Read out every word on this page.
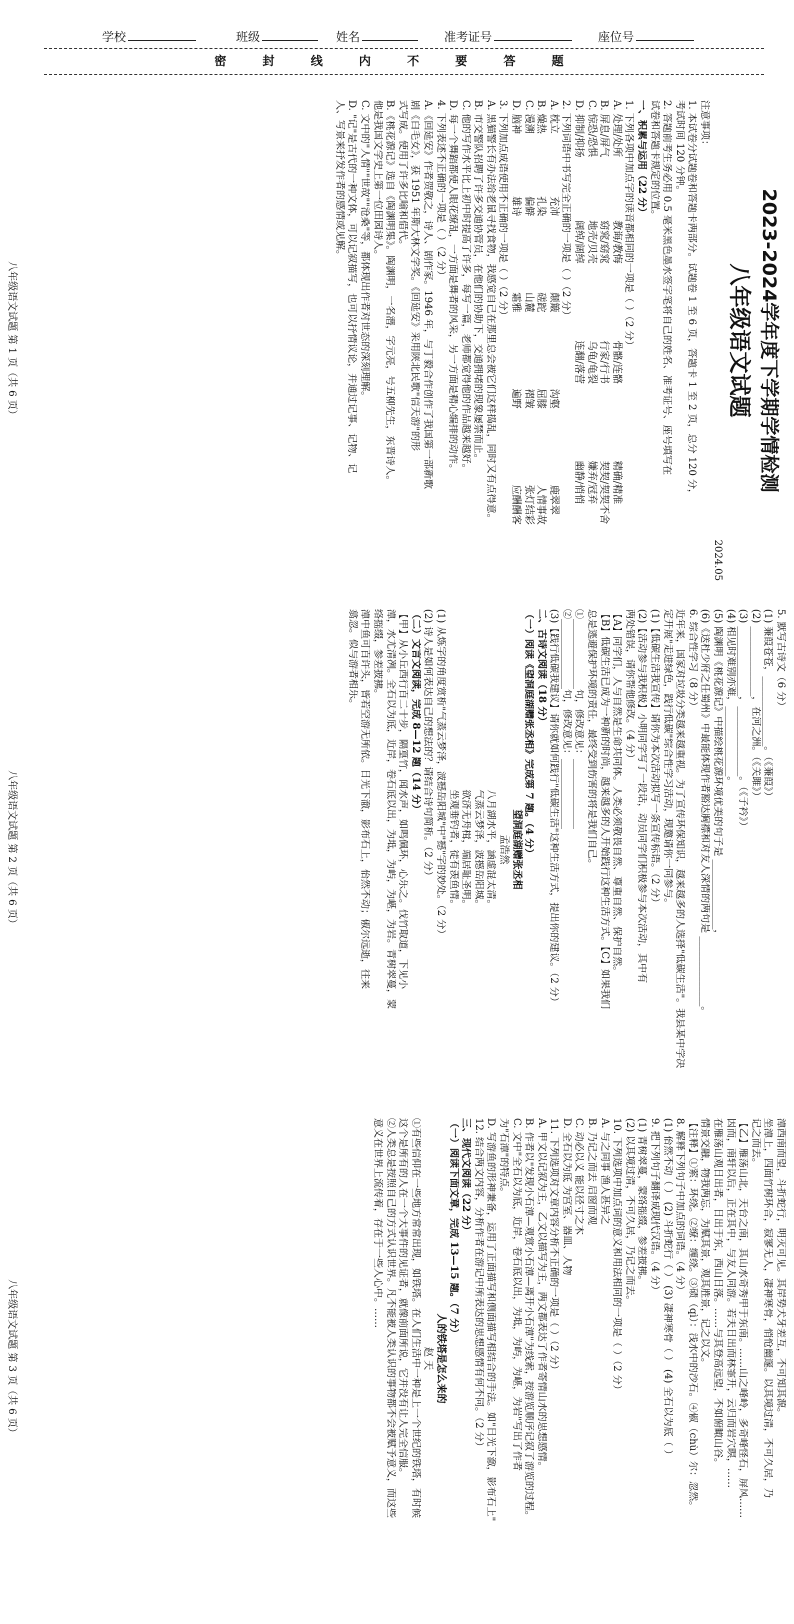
学校	班级	姓名	准考证号	座位号
密 封 线 内 不 要 答 题
2023-2024学年度下学期学情检测
八年级语文试题
2024.05
注意事项：
1. 本试卷分试题卷和答题卡两部分。试题卷 1 至 6 页，答题卡 1 至 2 页，总分 120 分，
考试时间 120 分钟。
2. 答题前考生务必用 0.5 毫米黑色墨水签字笔将自己的姓名、准考证号、座号填写在
试卷和答题卡规定的位置。
一、积累与运用（22 分）
1. 下列各项中加点字的读音都相同的一项是（ ）（2 分）
A. 处理/处所
教诲/教悔
骨骼/连骼
精确/精准
B. 屏息/屏气
窈窕/窈窕
行家/行书
契契/契契不舍
C. 惊恐/恐惧
地壳/贝壳
乌龟/龟裂
嫌弃/冠弃
D. 抑制/抑扬
阔绰/阔绰
连翻/落营
幽静/悄悄
2. 下列词语中书写完全正确的一项是（ ）（2 分）
A. 枕立
充沛
颠簸
沟壑
鹿翠翠
B. 燥热
孔染
磋跎
屈膝
人情事故
C. 漫溯
偏僻
山麓
褶皱
张灯结彩
D. 脑神
雄诗
霜雅
遍野
应酬酬客
3. 下列加点成语使用不正确的一项是（ ）（2 分）
A. 黑猫警长有办法给老鼠寻找食物，我感觉自己在那里总会被它们这样捣乱，同时又有点得意。
B. 市交警队招聘了许多交通协管员，在他们的协助下，交通拥堵的现象屡禁而止。
C. 他的写作水平比上初中时提高了许多，每写一篇，老师都觉得他的作品越来越好。
D. 每一个舞蹈都使人眼花缭乱，一方面是舞者的风采，另一方面是精心编排的动作。
4. 下列表述不正确的一项是（ ）（2 分）
A.《回延安》作者贺敬之，诗人、剧作家。1946 年，与丁毅合作创作了我国第一部新歌
剧《白毛女》，获 1951 年斯大林文学奖。《回延安》采用陕北民歌"信天游"的形
式写成。使用了许多比喻和借代。
B.《桃花源记》选自《陶渊明集》。陶渊明，一名潜，字元亮，号五柳先生，东晋诗人。
他是我国文学史上第一位田园诗人。
C. 文中的"人情""世故""沧桑"等，都体现出作者对世态的深刻理解。
D. "记"是古代的一种文体，可以记叙描写，也可以抒情议论，并通过记事、记物、记
人、写景来抒发作者的感情或见解。
八年级语文试题 第 1 页（共 6 页）
5. 默写古诗文（6 分）
(1) 蒹葭苍苍，______________。（《蒹葭》）
(2) ______________，在河之洲。（《关雎》）
(3) ______________，______________。（《子衿》）
(4) 相见时难别亦难，______________。
(5) 陶渊明《桃花源记》中描绘桃花源环境优美的句子是 ______________，
(6)《送杜少府之任蜀州》中最能体现作者豁达胸襟和对友人深情的两句是 ______________。
6. 综合性学习（8 分）
近年来，国家对垃圾分类越来越重视。为了宣传环保知识，越来越多的人选择"低碳生活"。我县某中学决
定开展"走进绿色，践行低碳"综合性学习活动，现邀请你一同参与。
(1)【低碳生活我宣传】请你为本次活动拟写一条宣传标语。（2 分）
(2)【活动参与我积极】小明同学写了一段话，动员同学们积极参与本次活动，其中有
两处错误，请你帮他修改。（4 分）
【A】同学们，人与自然是生命共同体。人类必须敬畏自然、尊重自然、保护自然。
【B】低碳生活已成为一种新的时尚，越来越多的人开始践行这种生活方式。【C】如果我们
总是逃避保护环境的责任，最终受到伤害的将是我们自己。
①______________句，修改意见：______________
②______________句，修改意见：______________
(3)【践行低碳我建议】请你就如何践行"低碳生活"这种生活方式，提出你的建议。（2 分）
二、古诗文阅读（18 分）
（一）阅读《望洞庭湖赠张丞相》完成第 7 题。（4 分）
望洞庭湖赠张丞相
孟浩然
八月湖水平，涵虚混太清。
气蒸云梦泽，波撼岳阳城。
欲济无舟楫，端居耻圣明。
坐观垂钓者，徒有羡鱼情。
(1) 从炼字的角度赏析"气蒸云梦泽，波撼岳阳城"中"撼"字的妙处。（2 分）
(2) 诗人是如何表达自己的想法的？请结合诗句简析。（2 分）
（二）文言文阅读，完成 8—12 题（14 分）
【甲】从小丘西行百二十步，隔篁竹，闻水声，如鸣佩环，心乐之。伐竹取道，下见小
潭，水尤清冽。全石以为底，近岸，卷石底以出，为坻，为屿，为嵁，为岩。青树翠蔓，蒙
络摇缀，参差披拂。
潭中鱼可百许头，皆若空游无所依。日光下澈，影布石上，佁然不动；俶尔远逝，往来
翕忽。似与游者相乐。
八年级语文试题 第 2 页（共 6 页）
潭西南而望，斗折蛇行，明灭可见。其岸势犬牙差互，不可知其源。
坐潭上，四面竹树环合，寂寥无人，凄神寒骨，悄怆幽邃。以其境过清，不可久居，乃
记之而去。
【乙】雁荡山北，天台之南，其山水奇秀甲于东南。……山之峰岭，多奇峰怪石，屏风……
因而，南轩以后，正在其中，与友人同游。若夫日出而林霏开，云归而岩穴暝，……
在雁荡山观日出者，日出于东，西山日落。……与其登高远望，不如俯瞰山谷。
情景交融，物我两忘，为赋其景，观其胜景，记之以文。
【注释】①萦：环绕。②缭：缠绕。③碛（qì）：浅水中的沙石。④俶（chù）尔：忽然。
8. 解释下列句子中加点的词语。（4 分）
(1) 佁然不动（ ） (2) 斗折蛇行（ ） (3) 凄神寒骨（ ） (4) 全石以为底（ ）
9. 把下列句子翻译成现代汉语。（4 分）
(1) 青树翠蔓，蒙络摇缀，参差披拂。
(2) 以其境过清，不可久居，乃记之而去。
10. 下列选项中加点词的意义和用法相同的一项是（ ）（2 分）
A. 与之同事 渔人甚异之
B. 乃记之而去 启窗而观
C. 动必以义 能以径寸之木
D. 全石以为底 为宫室、器皿、人物
11. 下列选项对文章内容分析不正确的一项是（ ）（2 分）
A. 甲文以记叙为主，乙文以描写为主，两文都表达了作者寄情山水的思想感情。
B. 作者以"发现小石潭—观赏小石潭—离开小石潭"为线索，按游览顺序记叙了游览的过程。
C. 文中"全石以为底，近岸，卷石底以出，为坻，为屿，为嵁，为岩"写出了作者
为"石潭"的特点。
D. 写游鱼的形神兼备，运用了正面描写和侧面描写相结合的手法。如"日光下澈，影布石上"
12. 结合两文内容，分析作者在游记中所表达的思想感情有何不同。（2 分）
三、现代文阅读（22 分）
（一）阅读下面文章，完成 13—15 题。（7 分）
人的铁塔是怎么来的
赵 天
①有些信仰在一些地方常常出现，如铁塔。在人们生活中一种是上一个世纪的铁塔，有时候
这个是所有的人在一个大事件的见证者，就像前面所说，它并没有让人完全信服。
②人类总是按照自己的方式认识世界。凡不能被人类认识的事物都不会被赋予意义，而这些
意义在世界上流传着，存在于一些人心中。……
八年级语文试题 第 3 页（共 6 页）
